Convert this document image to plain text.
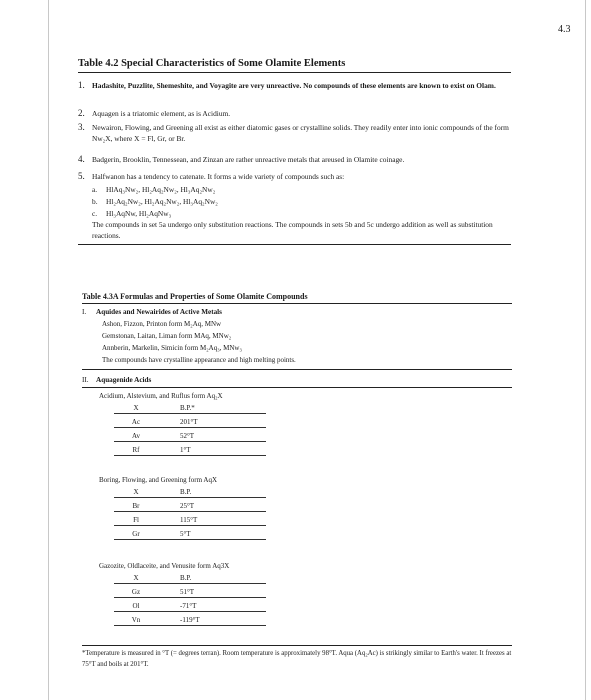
4.3
Table 4.2 Special Characteristics of Some Olamite Elements
1. Hadashite, Puzzlite, Shemeshite, and Voyagite are very unreactive. No compounds of these elements are known to exist on Olam.
2. Aquagen is a triatomic element, as is Acidium.
3. Newairon, Flowing, and Greening all exist as either diatomic gases or crystalline solids. They readily enter into ionic compounds of the form Nw₂X, where X = Fl, Gr, or Br.
4. Badgerin, Brooklin, Tennessean, and Zinzan are rather unreactive metals that areused in Olamite coinage.
5. Halfwanon has a tendency to catenate. It forms a wide variety of compounds such as:
a. HlAq₃Nw₂, Hl₂Aq₂Nw₂, Hl₃Aq₂Nw₂
b. Hl₂Aq₂Nw₂, Hl₂Aq₂Nw₂, Hl₃Aq₂Nw₂
c. Hl₃AqNw, Hl₂AqNw₃
The compounds in set 5a undergo only substitution reactions. The compounds in sets 5b and 5c undergo addition as well as substitution reactions.
Table 4.3A Formulas and Properties of Some Olamite Compounds
I. Aquides and Newairides of Active Metals
Ashon, Fizzon, Printon form M₂Aq, MNw
Gemstonan, Laitan, Liman form MAq, MNw₂
Annberin, Markelin, Simicin form M₂Aq₃, MNw₃
The compounds have crystalline appearance and high melting points.
II. Aquagenide Acids
Acidium, Alstevium, and Ruflus form Aq₂X
X	B.P.*
Ac	201°T
Av	52°T
Rf	1°T
Boring, Flowing, and Greening form AqX
X	B.P.
Br	25°T
Fl	115°T
Gr	5°T
Gazozite, Oldlaceite, and Venusite form Aq3X
X	B.P.
Gz	51°T
Ol	-71°T
Vn	-119°T
*Temperature is measured in °T (= degrees terran). Room temperature is approximately 98°T. Aqua (Aq₂Ac) is strikingly similar to Earth's water. It freezes at 75°T and boils at 201°T.
